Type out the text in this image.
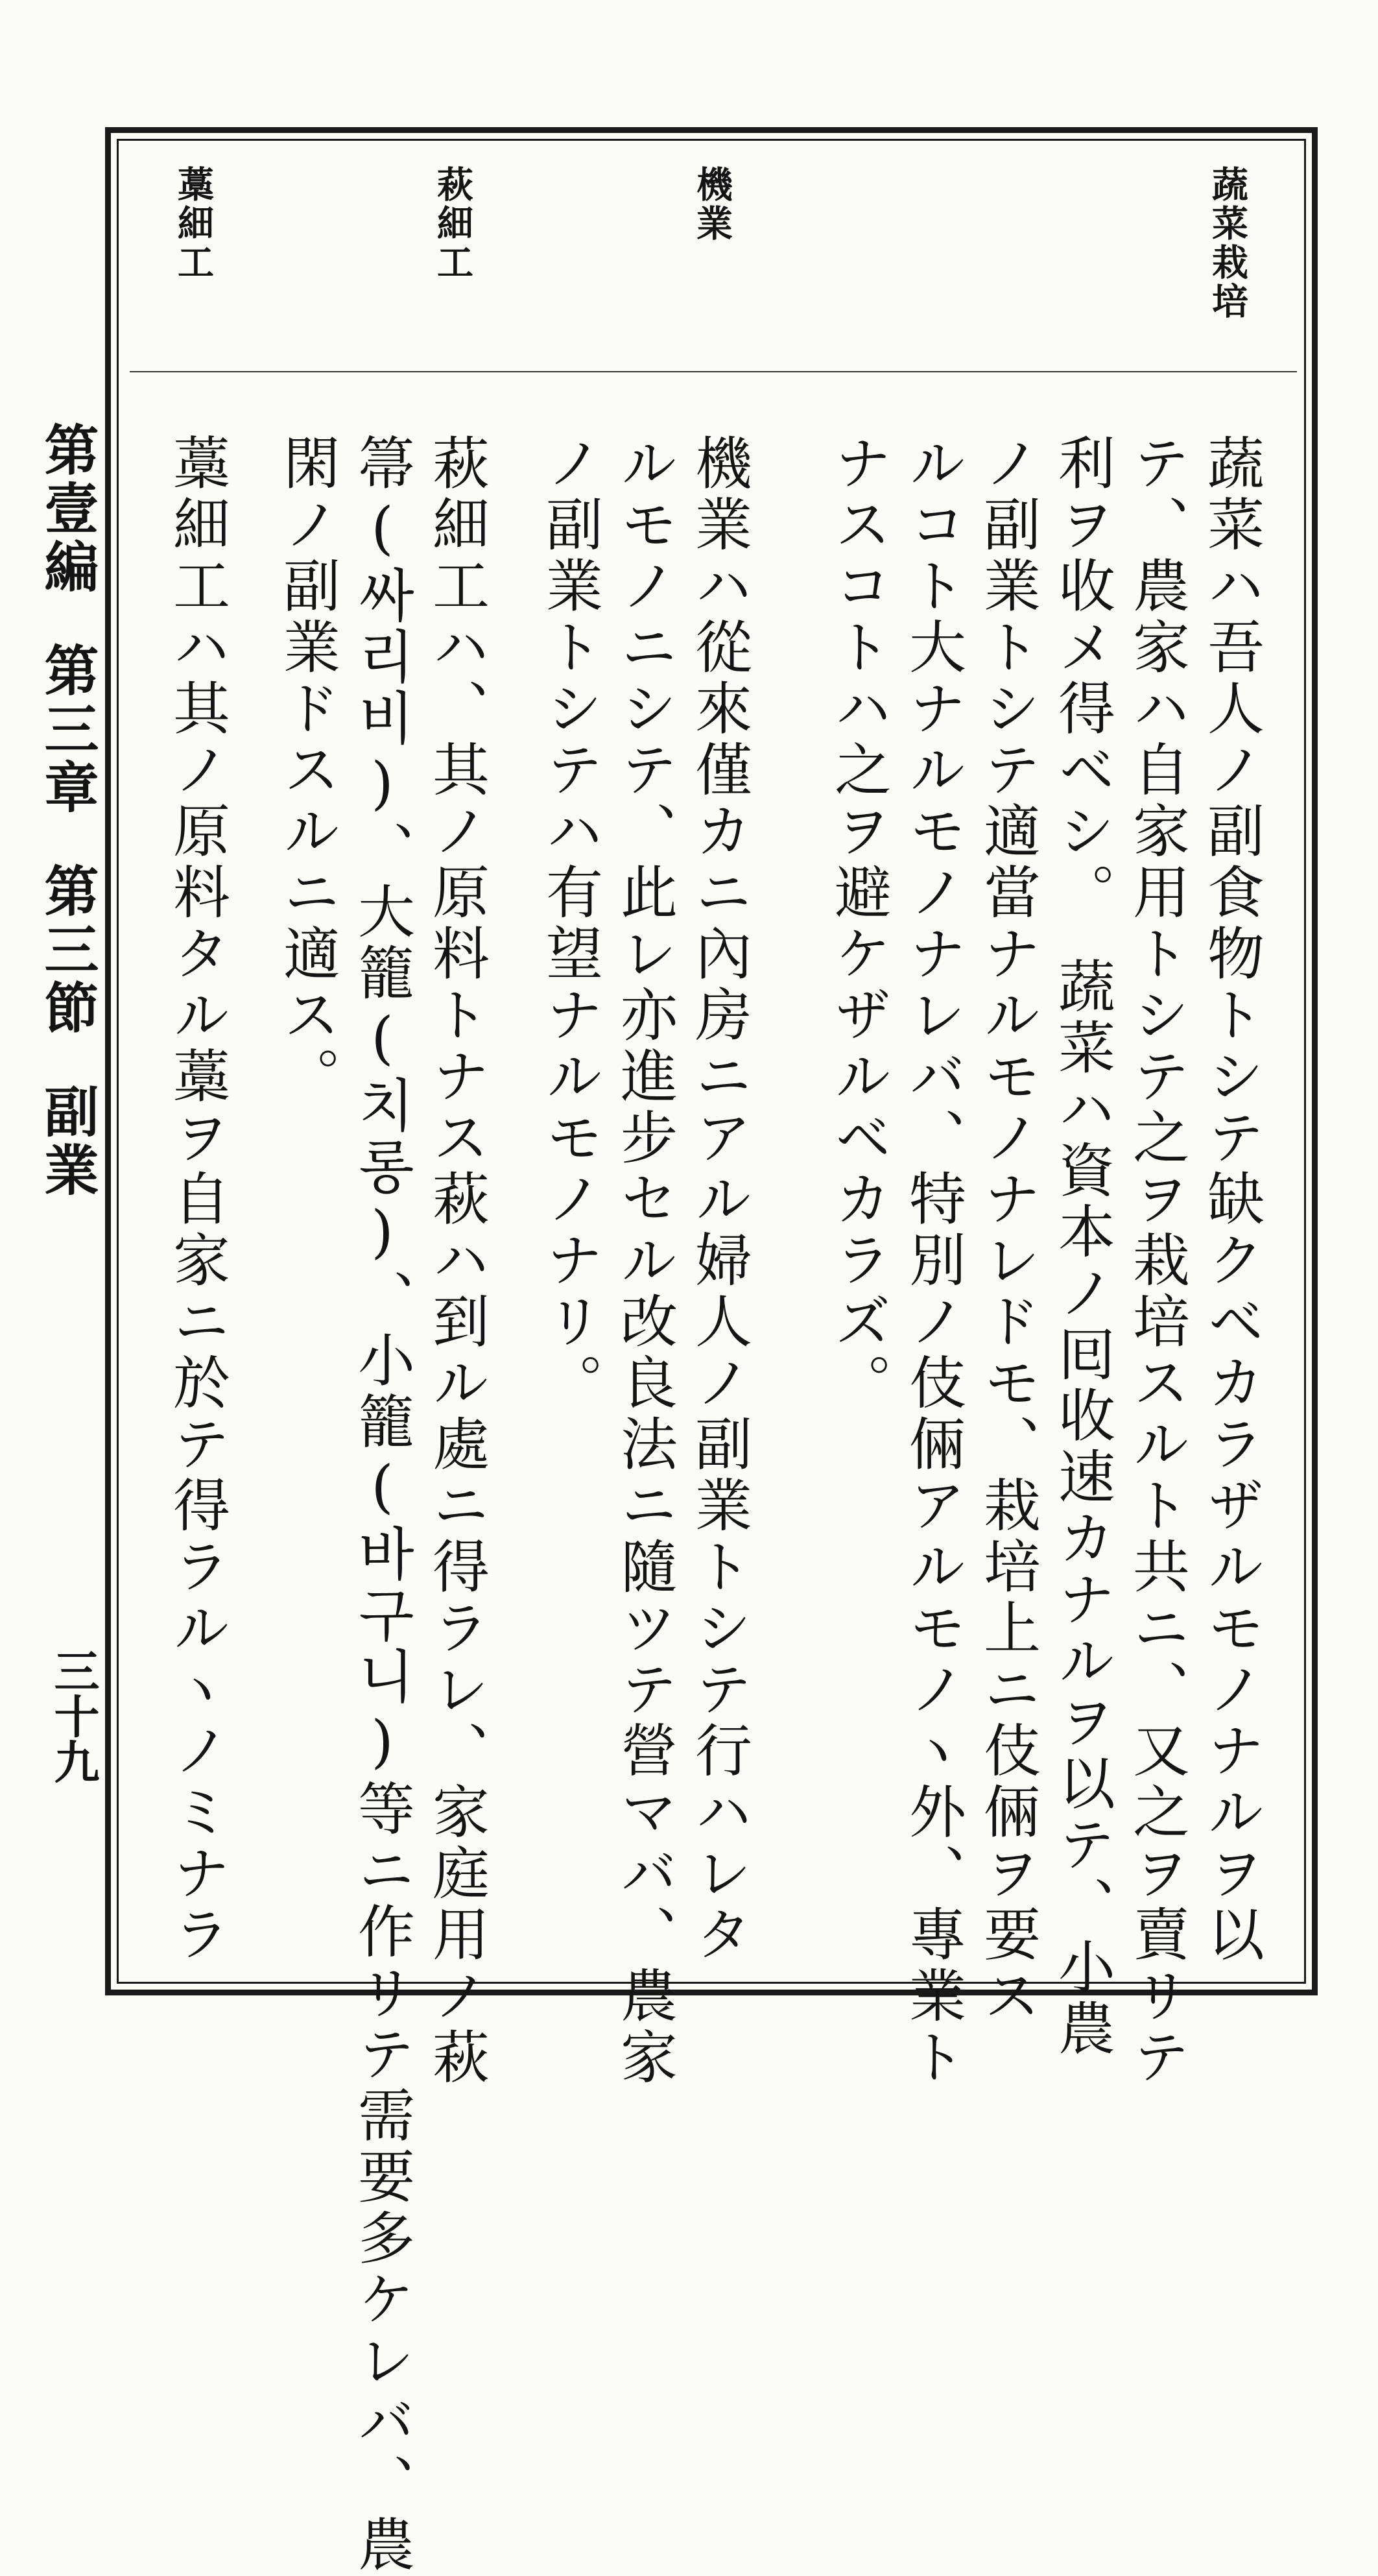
第壹編第三章第三節副業
三十九
蔬菜栽培
機業
萩細工
藁細工
蔬菜ハ吾人ノ副食物トシテ缺クベカラザルモノナルヲ以
テ、農家ハ自家用トシテ之ヲ栽培スルト共ニ、又之ヲ賣リテ
利ヲ收メ得ベシ。　蔬菜ハ資本ノ囘收速カナルヲ以テ、小農
ノ副業トシテ適當ナルモノナレドモ、栽培上ニ伎倆ヲ要ス
ルコト大ナルモノナレバ、特別ノ伎倆アルモノヽ外、專業ト
ナスコトハ之ヲ避ケザルベカラズ。
機業ハ從來僅カニ內房ニアル婦人ノ副業トシテ行ハレタ
ルモノニシテ、此レ亦進步セル改良法ニ隨ツテ營マバ、農家
ノ副業トシテハ有望ナルモノナリ。
萩細工ハ、其ノ原料トナス萩ハ到ル處ニ得ラレ、家庭用ノ萩
箒(싸리비)、大籠(치롱)、小籠(바구니)等ニ作リテ需要多ケレバ、農
閑ノ副業ドスルニ適ス。
藁細工ハ其ノ原料タル藁ヲ自家ニ於テ得ラルヽノミナラ
